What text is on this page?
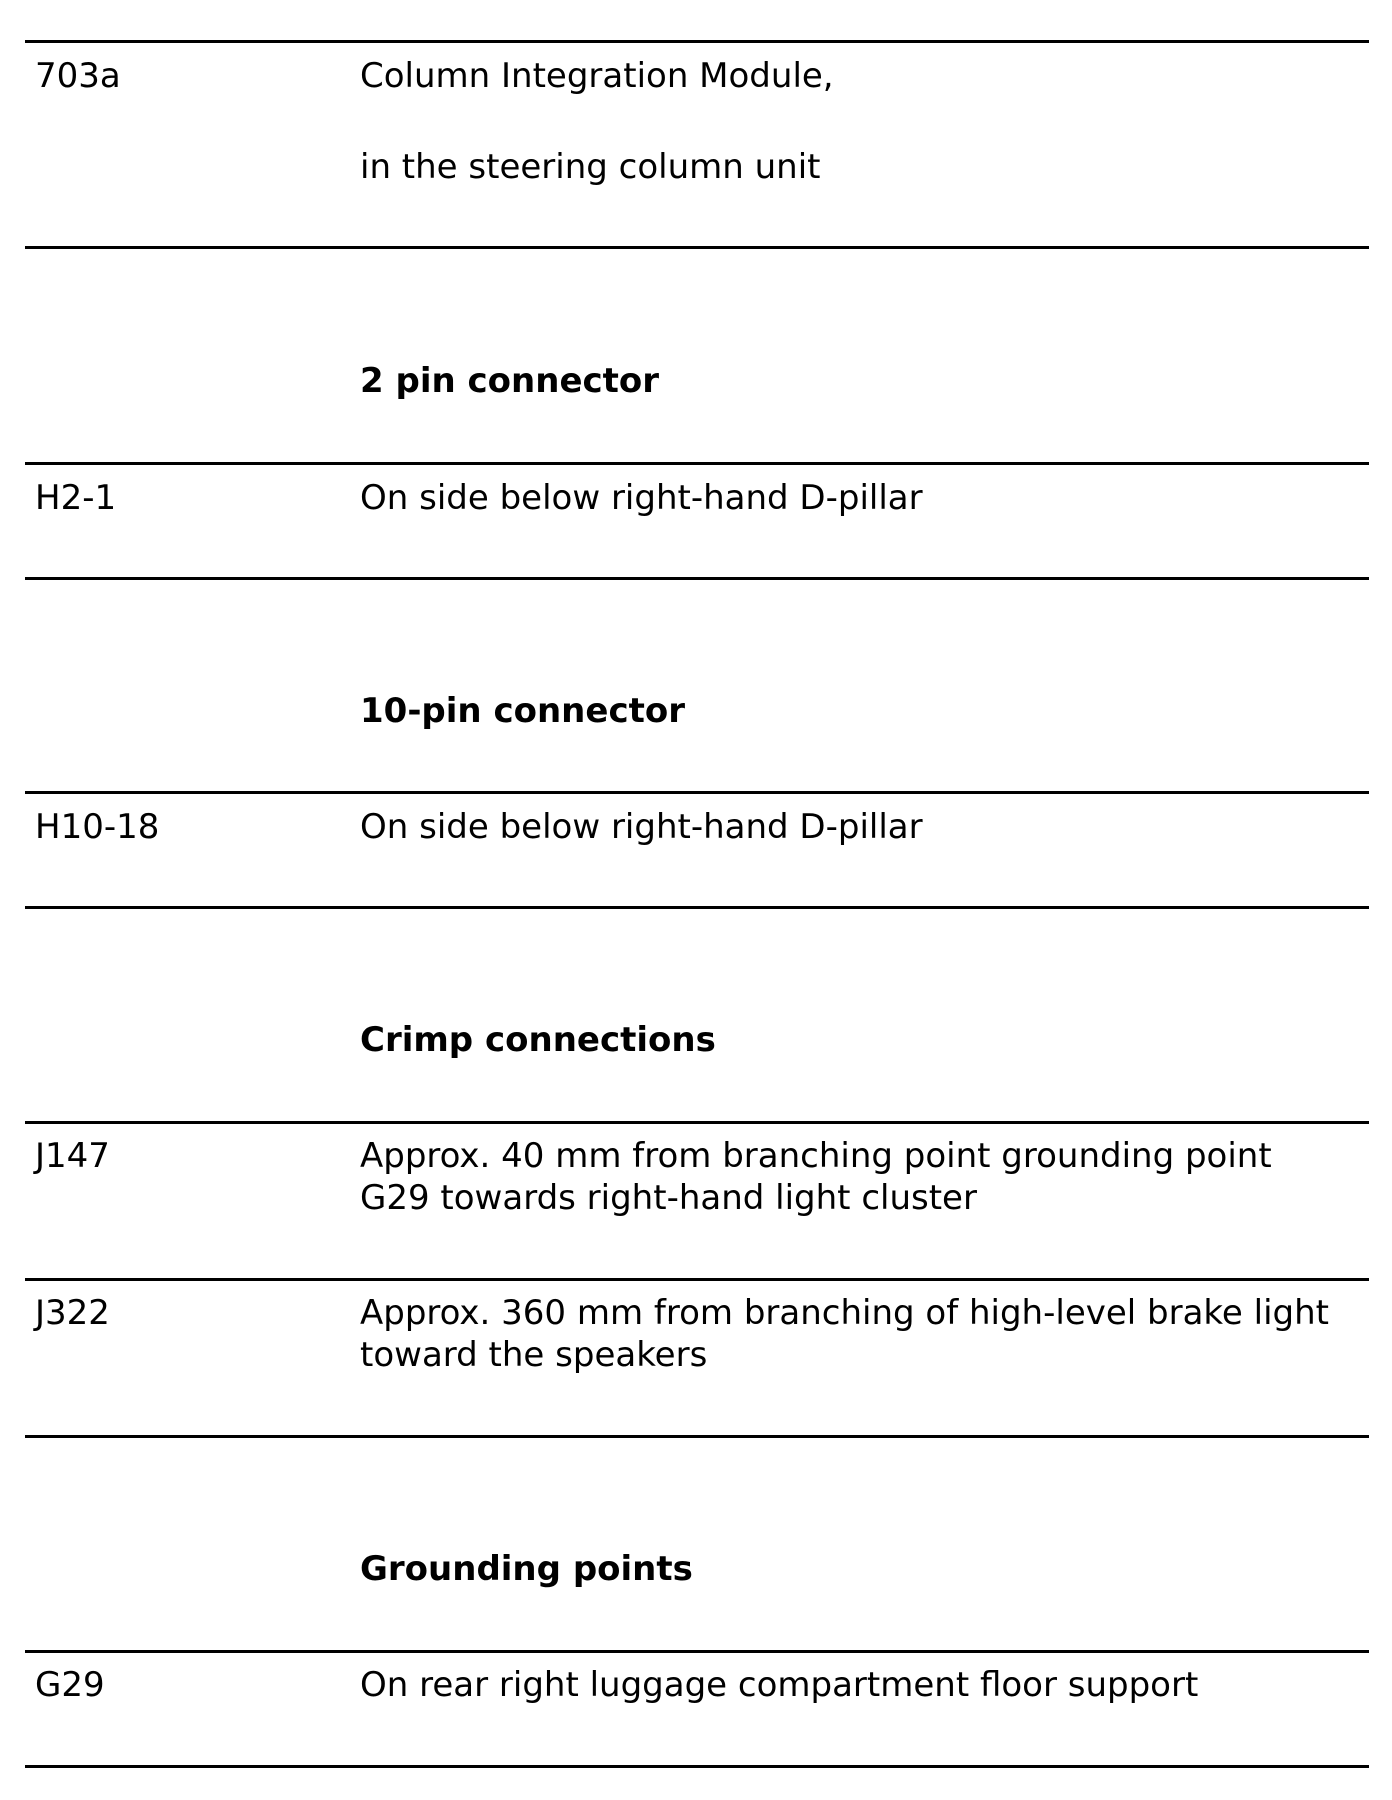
703a	Column Integration Module,
in the steering column unit
2 pin connector
H2-1	On side below right-hand D-pillar
10-pin connector
H10-18	On side below right-hand D-pillar
Crimp connections
J147	Approx. 40 mm from branching point grounding point
G29 towards right-hand light cluster
J322	Approx. 360 mm from branching of high-level brake light
toward the speakers
Grounding points
G29	On rear right luggage compartment floor support
